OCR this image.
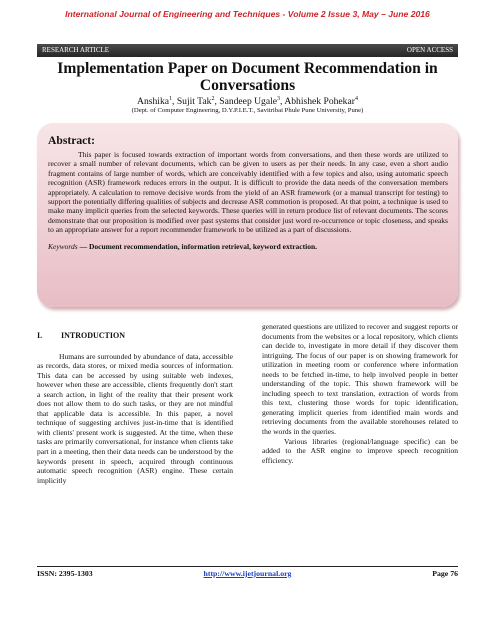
International Journal of Engineering and Techniques - Volume 2 Issue 3, May – June 2016
RESEARCH ARTICLE	OPEN ACCESS
Implementation Paper on Document Recommendation in Conversations
Anshika$^1$, Sujit Tak$^2$, Sandeep Ugale$^3$, Abhishek Pohekar$^4$
(Dept. of Computer Engineering, D.Y.P.I.E.T., Savitribai Phule Pune University, Pune)
Abstract:

This paper is focused towards extraction of important words from conversations, and then these words are utilized to recover a small number of relevant documents, which can be given to users as per their needs. In any case, even a short audio fragment contains of large number of words, which are conceivably identified with a few topics and also, using automatic speech recognition (ASR) framework reduces errors in the output. It is difficult to provide the data needs of the conversation members appropriately. A calculation to remove decisive words from the yield of an ASR framework (or a manual transcript for testing) to support the potentially differing qualities of subjects and decrease ASR commotion is proposed. At that point, a technique is used to make many implicit queries from the selected keywords. These queries will in return produce list of relevant documents. The scores demonstrate that our proposition is modified over past systems that consider just word re-occurrence or topic closeness, and speaks to an appropriate answer for a report recommender framework to be utilized as a part of discussions.

Keywords — Document recommendation, information retrieval, keyword extraction.
I. INTRODUCTION

Humans are surrounded by abundance of data, accessible as records, data stores, or mixed media sources of information. This data can be accessed by using suitable web indexes, however when these are accessible, clients frequently don't start a search action, in light of the reality that their present work does not allow them to do such tasks, or they are not mindful that applicable data is accessible. In this paper, a novel technique of suggesting archives just-in-time that is identified with clients' present work is suggested. At the time, when these tasks are primarily conversational, for instance when clients take part in a meeting, then their data needs can be understood by the keywords present in speech, acquired through continuous automatic speech recognition (ASR) engine. These certain implicitly

generated questions are utilized to recover and suggest reports or documents from the websites or a local repository, which clients can decide to, investigate in more detail if they discover them intriguing. The focus of our paper is on showing framework for utilization in meeting room or conference where information needs to be fetched in-time, to help involved people in better understanding of the topic. This shown framework will be including speech to text translation, extraction of words from this text, clustering those words for topic identification, generating implicit queries from identified main words and retrieving documents from the available storehouses related to the words in the queries.

Various libraries (regional/language specific) can be added to the ASR engine to improve speech recognition efficiency.

ISSN: 2395-1303	http://www.ijetjournal.org	Page 76
